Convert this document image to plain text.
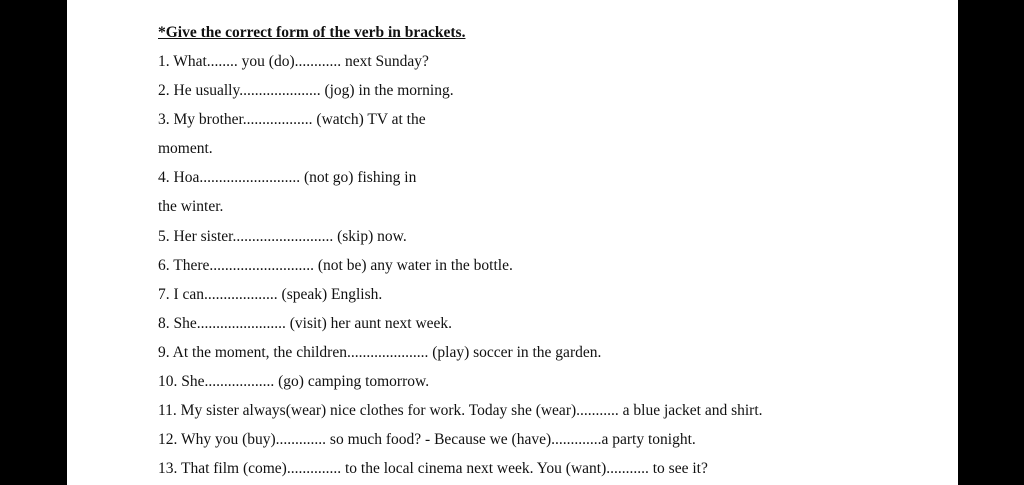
*Give the correct form of the verb in brackets.
1. What........ you (do)............ next Sunday?
2. He usually..................... (jog) in the morning.
3. My brother.................. (watch) TV at the
moment.
4. Hoa.......................... (not go) fishing in
the winter.
5. Her sister.......................... (skip) now.
6. There........................... (not be) any water in the bottle.
7. I can................... (speak) English.
8. She....................... (visit) her aunt next week.
9. At the moment, the children..................... (play) soccer in the garden.
10. She.................. (go) camping tomorrow.
11. My sister always(wear) nice clothes for work. Today she (wear)........... a blue jacket and shirt.
12. Why you (buy)............. so much food? - Because we (have).............a party tonight.
13. That film (come).............. to the local cinema next week. You (want)........... to see it?
